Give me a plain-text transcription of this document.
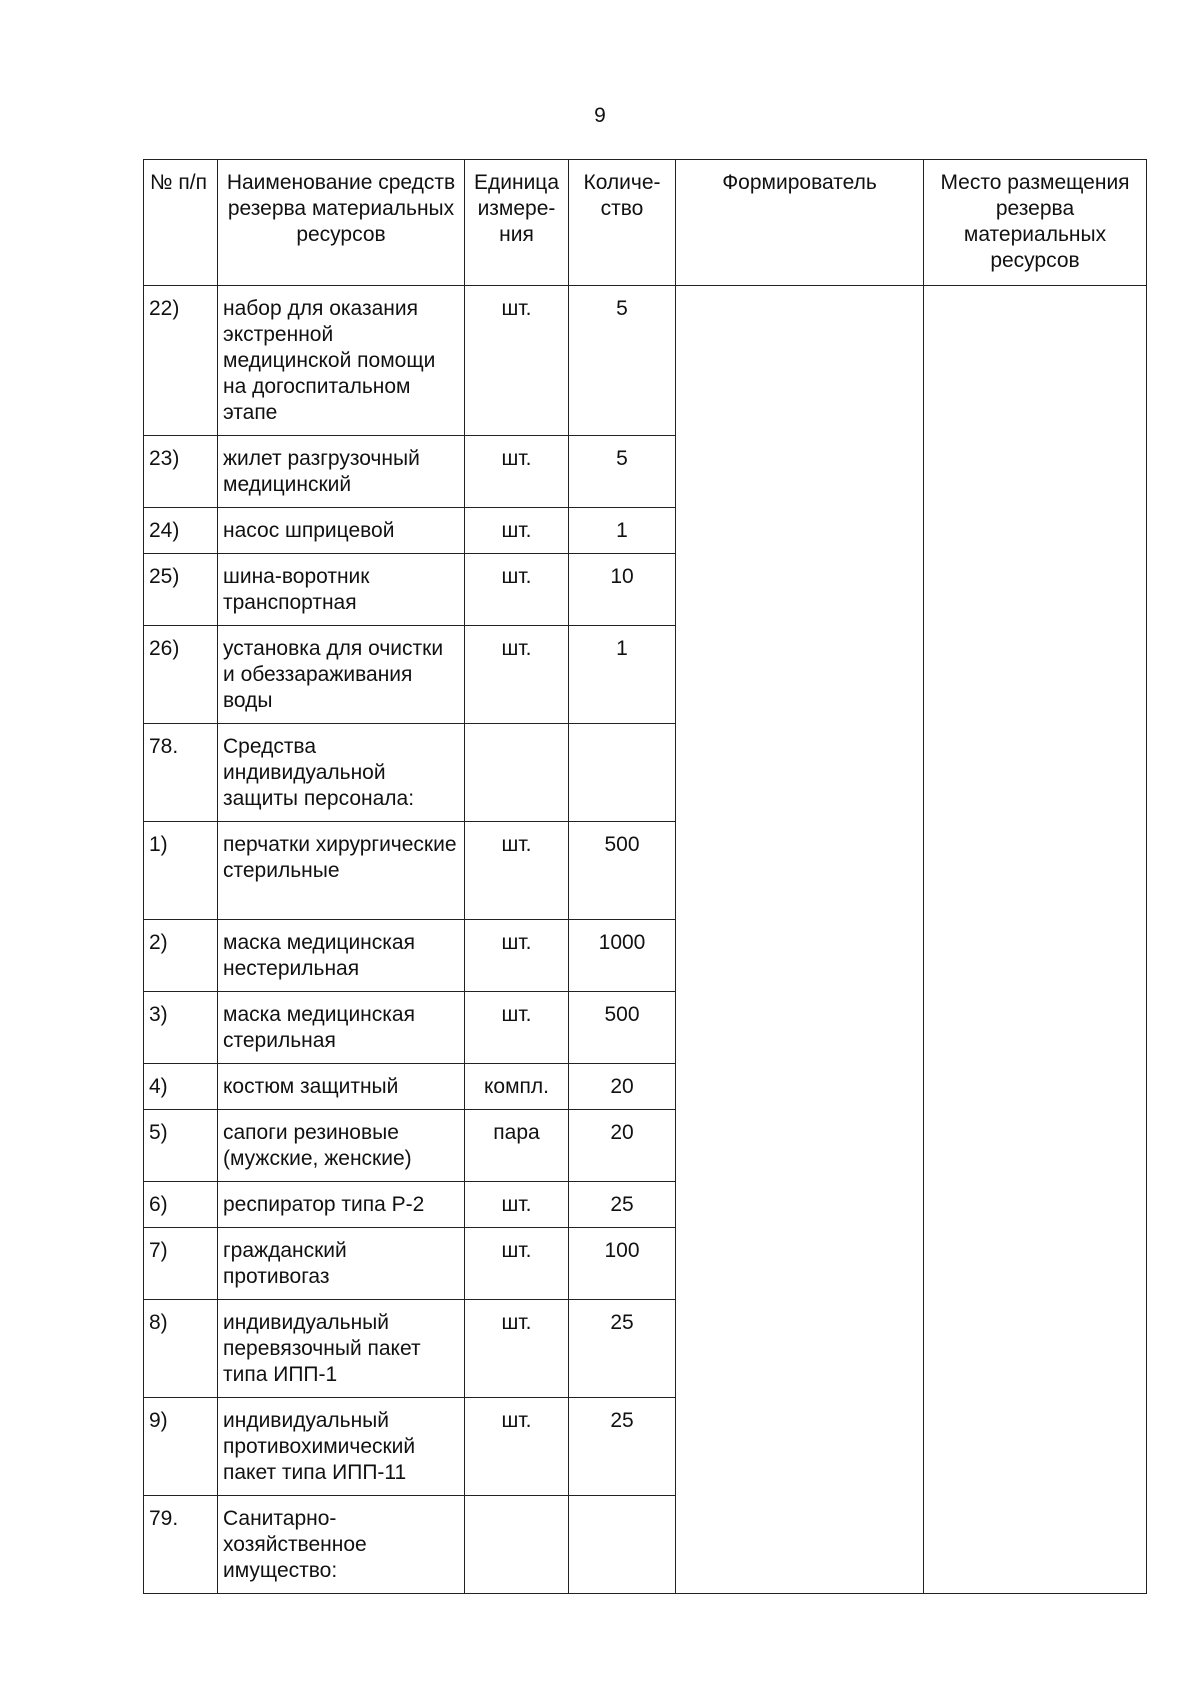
9
№ п/п	Наименование средств резерва материальных ресурсов	Единица измере-ния	Количе-ство	Формирователь	Место размещения резерва материальных ресурсов
22)	набор для оказания экстренной медицинской помощи на догоспитальном этапе	шт.	5		
23)	жилет разгрузочный медицинский	шт.	5		
24)	насос шприцевой	шт.	1		
25)	шина-воротник транспортная	шт.	10		
26)	установка для очистки и обеззараживания воды	шт.	1		
78.	Средства индивидуальной защиты персонала:				
1)	перчатки хирургические стерильные	шт.	500		
2)	маска медицинская нестерильная	шт.	1000		
3)	маска медицинская стерильная	шт.	500		
4)	костюм защитный	компл.	20		
5)	сапоги резиновые (мужские, женские)	пара	20		
6)	респиратор типа Р-2	шт.	25		
7)	гражданский противогаз	шт.	100		
8)	индивидуальный перевязочный пакет типа ИПП-1	шт.	25		
9)	индивидуальный противохимический пакет типа ИПП-11	шт.	25		
79.	Санитарно-хозяйственное имущество:				
